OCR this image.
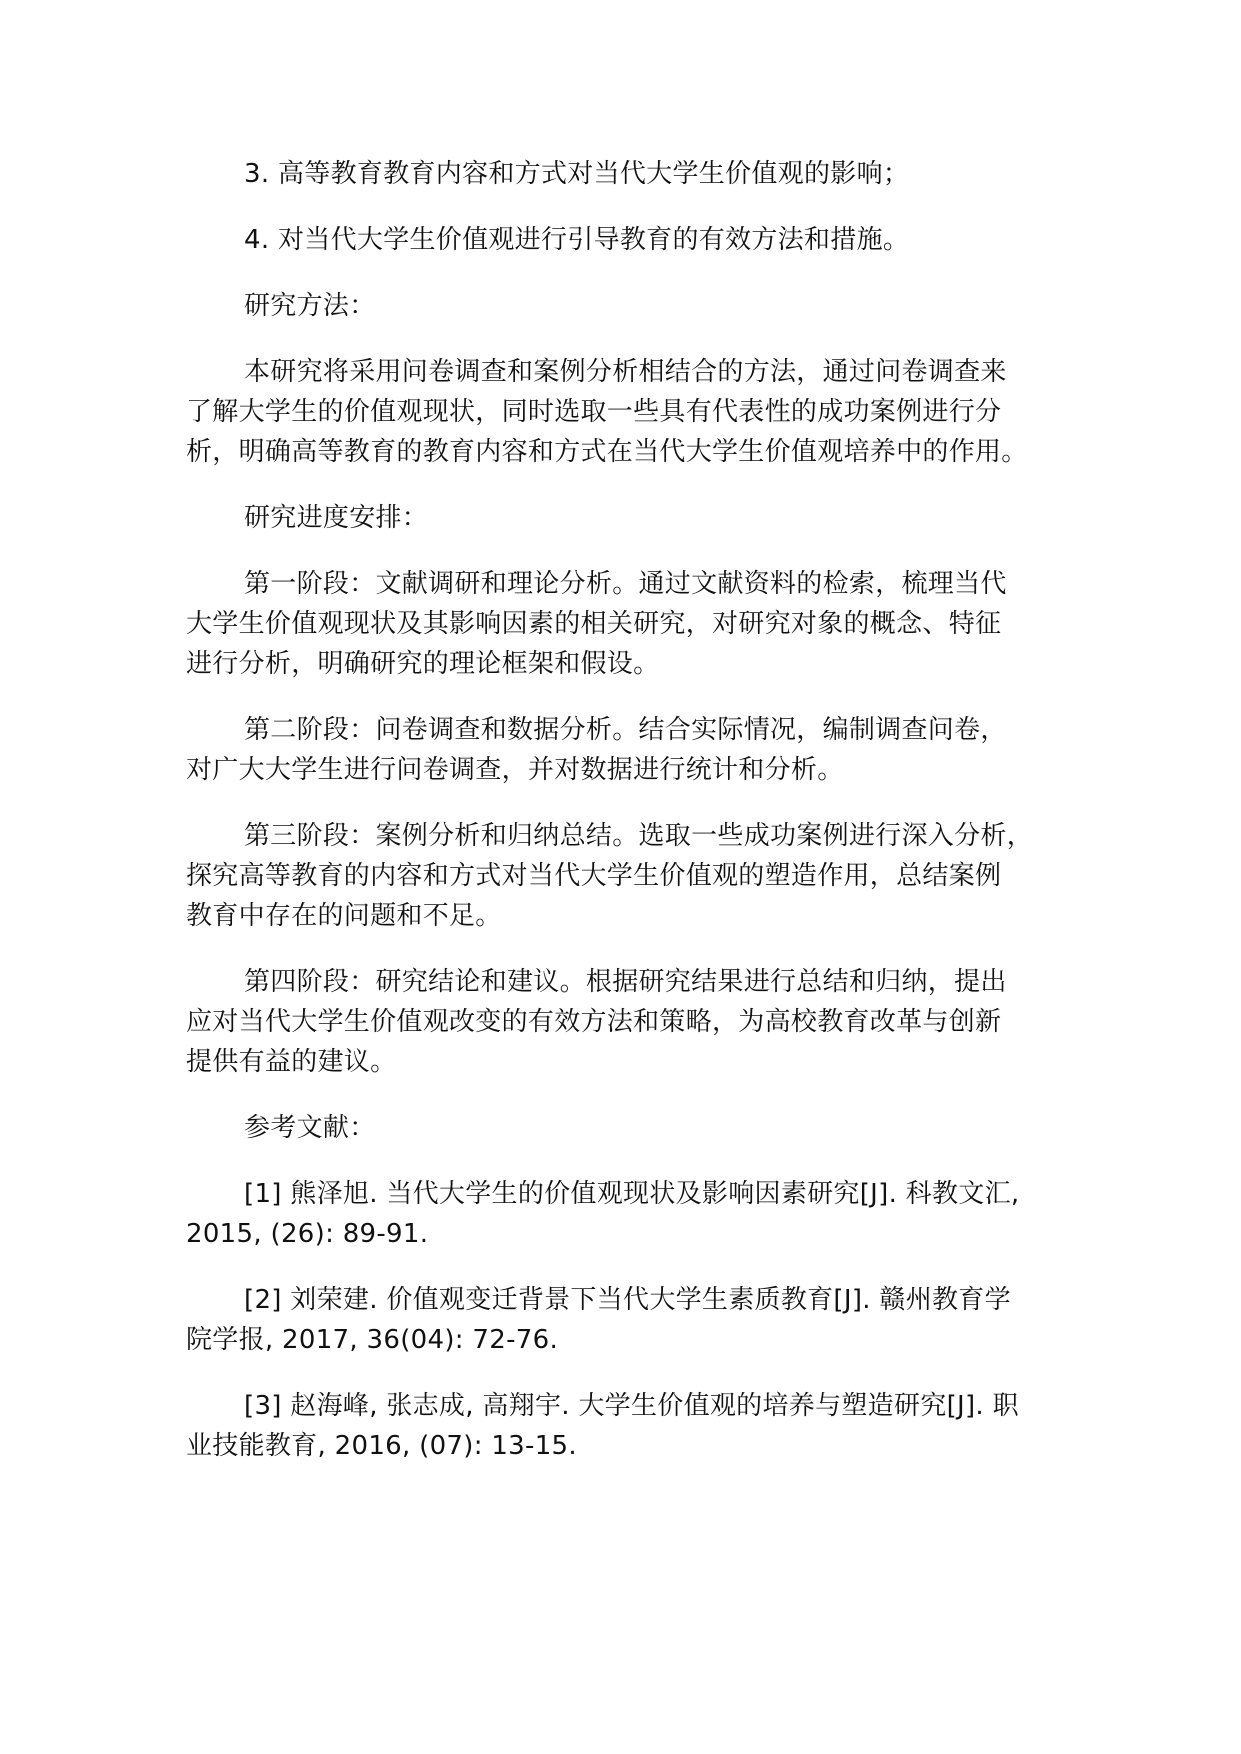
3. 高等教育教育内容和方式对当代大学生价值观的影响；

4. 对当代大学生价值观进行引导教育的有效方法和措施。

研究方法：

本研究将采用问卷调查和案例分析相结合的方法，通过问卷调查来
了解大学生的价值观现状，同时选取一些具有代表性的成功案例进行分
析，明确高等教育的教育内容和方式在当代大学生价值观培养中的作用。

研究进度安排：

第一阶段：文献调研和理论分析。通过文献资料的检索，梳理当代
大学生价值观现状及其影响因素的相关研究，对研究对象的概念、特征
进行分析，明确研究的理论框架和假设。

第二阶段：问卷调查和数据分析。结合实际情况，编制调查问卷，
对广大大学生进行问卷调查，并对数据进行统计和分析。

第三阶段：案例分析和归纳总结。选取一些成功案例进行深入分析，
探究高等教育的内容和方式对当代大学生价值观的塑造作用，总结案例
教育中存在的问题和不足。

第四阶段：研究结论和建议。根据研究结果进行总结和归纳，提出
应对当代大学生价值观改变的有效方法和策略，为高校教育改革与创新
提供有益的建议。

参考文献：

[1] 熊泽旭. 当代大学生的价值观现状及影响因素研究[J]. 科教文汇,
2015, (26): 89-91.

[2] 刘荣建. 价值观变迁背景下当代大学生素质教育[J]. 赣州教育学
院学报, 2017, 36(04): 72-76.

[3] 赵海峰, 张志成, 高翔宇. 大学生价值观的培养与塑造研究[J]. 职
业技能教育, 2016, (07): 13-15.
